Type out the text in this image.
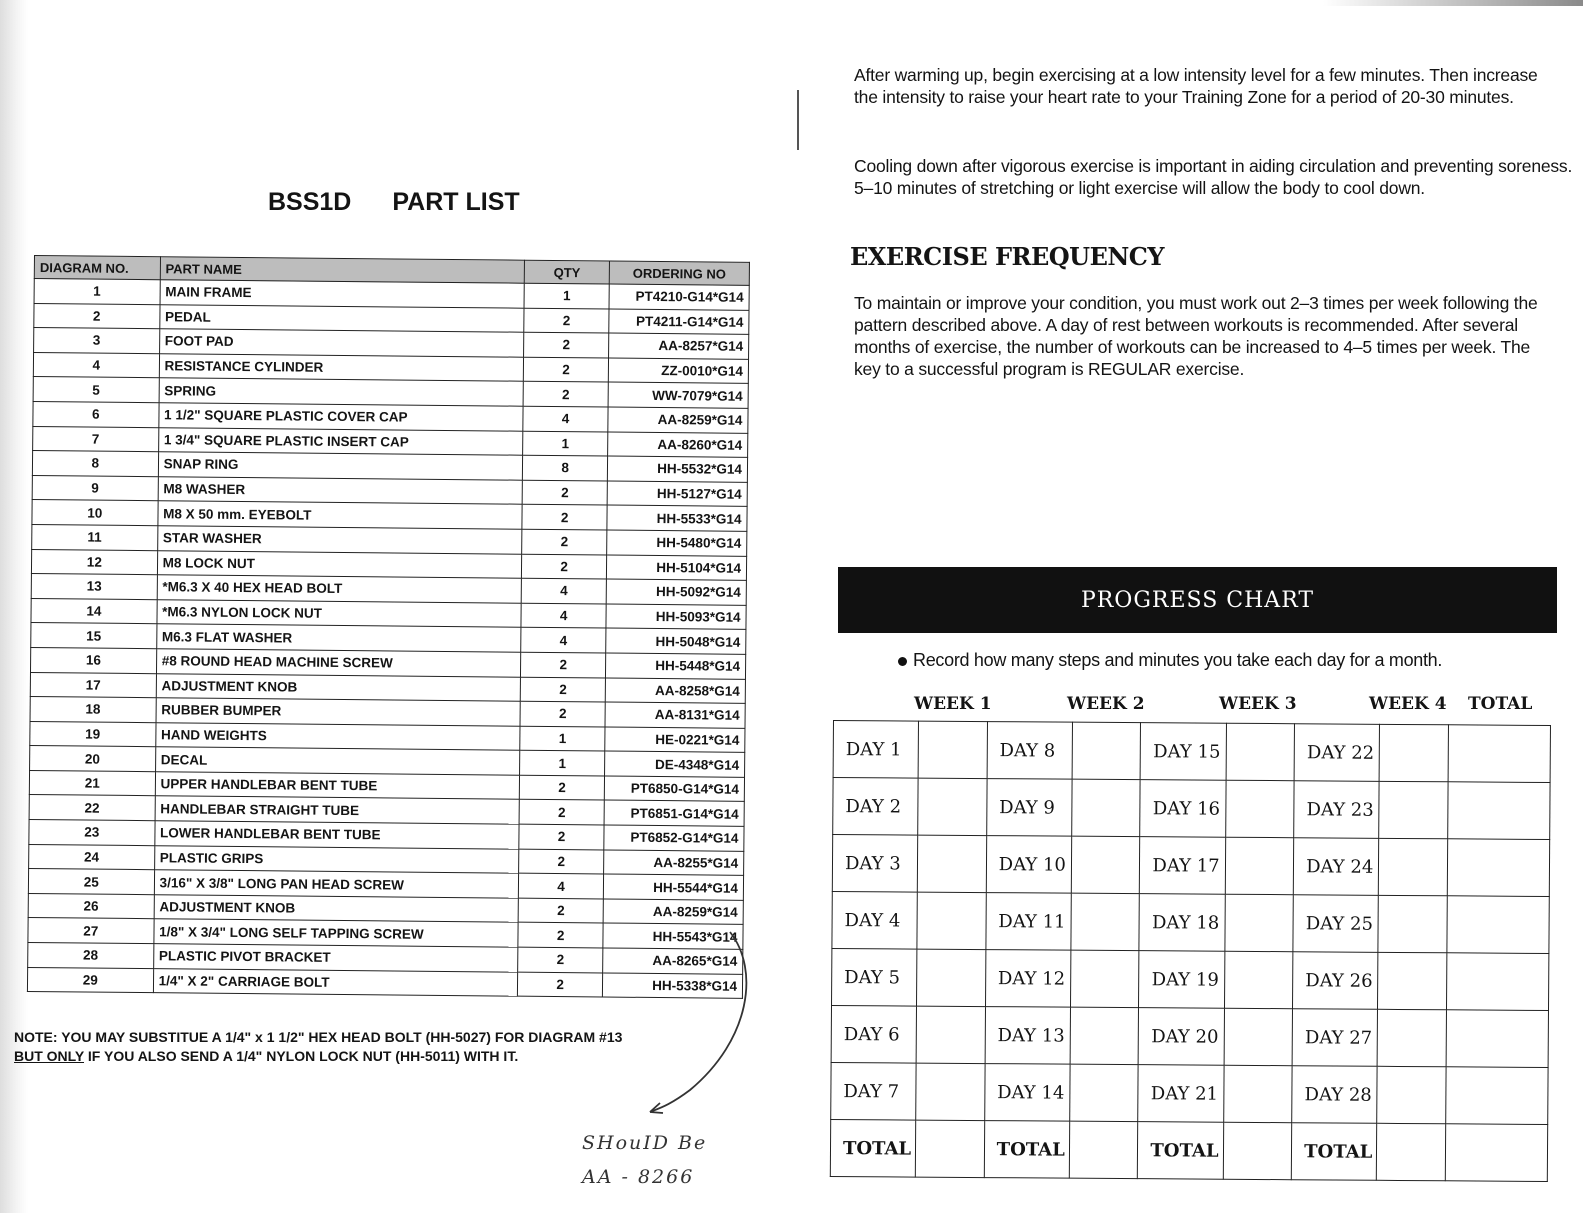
BSS1D PART LIST
DIAGRAM NO.	PART NAME	QTY	ORDERING NO
1	MAIN FRAME	1	PT4210-G14*G14
2	PEDAL	2	PT4211-G14*G14
3	FOOT PAD	2	AA-8257*G14
4	RESISTANCE CYLINDER	2	ZZ-0010*G14
5	SPRING	2	WW-7079*G14
6	1 1/2" SQUARE PLASTIC COVER CAP	4	AA-8259*G14
7	1 3/4" SQUARE PLASTIC INSERT CAP	1	AA-8260*G14
8	SNAP RING	8	HH-5532*G14
9	M8 WASHER	2	HH-5127*G14
10	M8 X 50 mm. EYEBOLT	2	HH-5533*G14
11	STAR WASHER	2	HH-5480*G14
12	M8 LOCK NUT	2	HH-5104*G14
13	*M6.3 X 40 HEX HEAD BOLT	4	HH-5092*G14
14	*M6.3 NYLON LOCK NUT	4	HH-5093*G14
15	M6.3 FLAT WASHER	4	HH-5048*G14
16	#8 ROUND HEAD MACHINE SCREW	2	HH-5448*G14
17	ADJUSTMENT KNOB	2	AA-8258*G14
18	RUBBER BUMPER	2	AA-8131*G14
19	HAND WEIGHTS	1	HE-0221*G14
20	DECAL	1	DE-4348*G14
21	UPPER HANDLEBAR BENT TUBE	2	PT6850-G14*G14
22	HANDLEBAR STRAIGHT TUBE	2	PT6851-G14*G14
23	LOWER HANDLEBAR BENT TUBE	2	PT6852-G14*G14
24	PLASTIC GRIPS	2	AA-8255*G14
25	3/16" X 3/8" LONG PAN HEAD SCREW	4	HH-5544*G14
26	ADJUSTMENT KNOB	2	AA-8259*G14
27	1/8" X 3/4" LONG SELF TAPPING SCREW	2	HH-5543*G14
28	PLASTIC PIVOT BRACKET	2	AA-8265*G14
29	1/4" X 2" CARRIAGE BOLT	2	HH-5338*G14
NOTE: YOU MAY SUBSTITUE A 1/4" x 1 1/2" HEX HEAD BOLT (HH-5027) FOR DIAGRAM #13
BUT ONLY IF YOU ALSO SEND A 1/4" NYLON LOCK NUT (HH-5011) WITH IT.
SHouID Be
AA - 8266
After warming up, begin exercising at a low intensity level for a few minutes. Then increase the intensity to raise your heart rate to your Training Zone for a period of 20-30 minutes.
Cooling down after vigorous exercise is important in aiding circulation and preventing soreness. 5–10 minutes of stretching or light exercise will allow the body to cool down.
EXERCISE FREQUENCY
To maintain or improve your condition, you must work out 2–3 times per week following the pattern described above. A day of rest between workouts is recommended. After several months of exercise, the number of workouts can be increased to 4–5 times per week. The key to a successful program is REGULAR exercise.
PROGRESS CHART
Record how many steps and minutes you take each day for a month.
WEEK 1	WEEK 2	WEEK 3	WEEK 4 TOTAL
DAY 1		DAY 8		DAY 15		DAY 22		
DAY 2		DAY 9		DAY 16		DAY 23		
DAY 3		DAY 10		DAY 17		DAY 24		
DAY 4		DAY 11		DAY 18		DAY 25		
DAY 5		DAY 12		DAY 19		DAY 26		
DAY 6		DAY 13		DAY 20		DAY 27		
DAY 7		DAY 14		DAY 21		DAY 28		
TOTAL		TOTAL		TOTAL		TOTAL		
